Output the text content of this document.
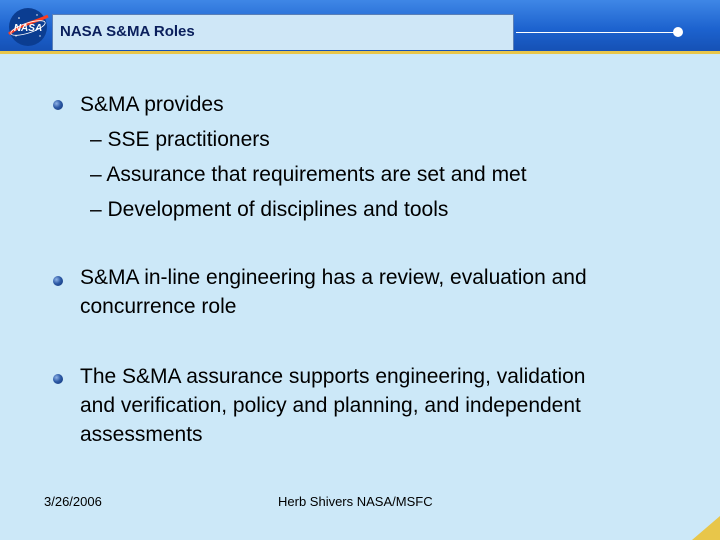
NASA NASA S&MA Roles
S&MA provides
– SSE practitioners
– Assurance that requirements are set and met
– Development of disciplines and tools
S&MA in-line engineering has a review, evaluation and
concurrence role
The S&MA assurance supports engineering, validation
and verification, policy and planning, and independent
assessments
3/26/2006	Herb Shivers NASA/MSFC
